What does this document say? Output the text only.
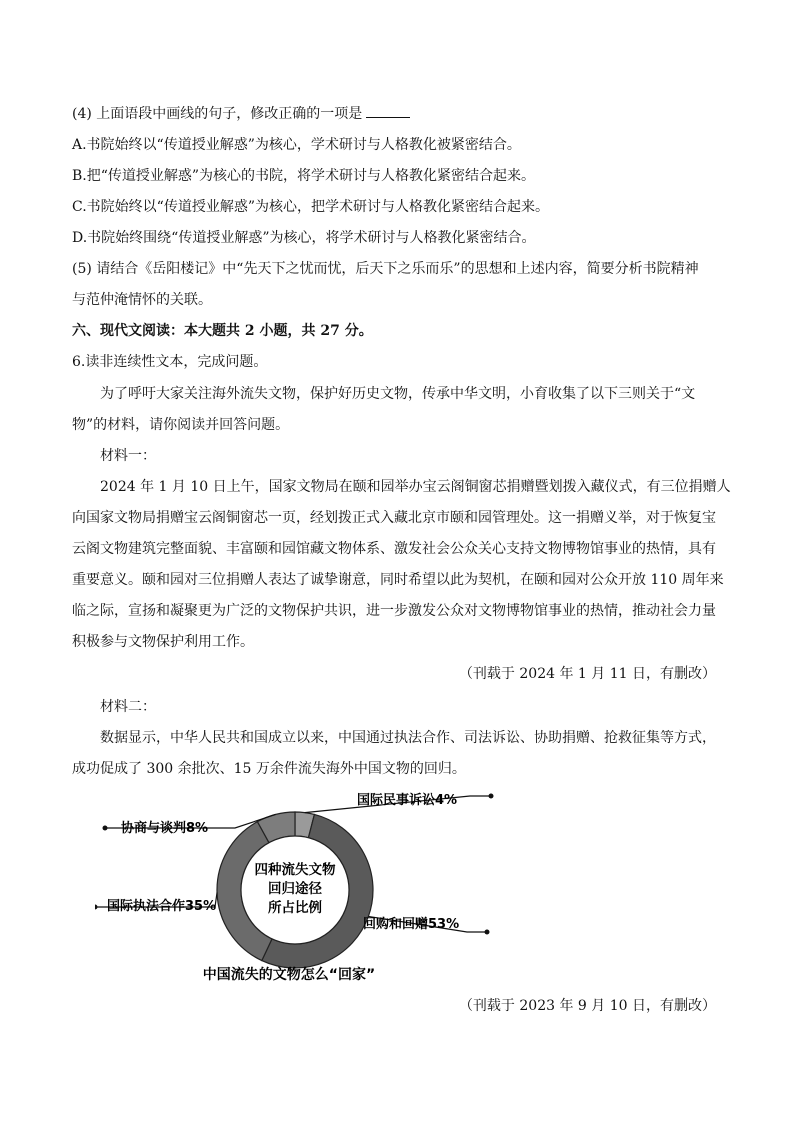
(4) 上面语段中画线的句子，修改正确的一项是
A.书院始终以“传道授业解惑”为核心，学术研讨与人格教化被紧密结合。
B.把“传道授业解惑”为核心的书院，将学术研讨与人格教化紧密结合起来。
C.书院始终以“传道授业解惑”为核心，把学术研讨与人格教化紧密结合起来。
D.书院始终围绕“传道授业解惑”为核心，将学术研讨与人格教化紧密结合。
(5) 请结合《岳阳楼记》中“先天下之忧而忧，后天下之乐而乐”的思想和上述内容，简要分析书院精神
与范仲淹情怀的关联。
六、现代文阅读：本大题共 2 小题，共 27 分。
6.读非连续性文本，完成问题。
为了呼吁大家关注海外流失文物，保护好历史文物，传承中华文明，小育收集了以下三则关于“文
物”的材料，请你阅读并回答问题。
材料一：
2024 年 1 月 10 日上午，国家文物局在颐和园举办宝云阁铜窗芯捐赠暨划拨入藏仪式，有三位捐赠人
向国家文物局捐赠宝云阁铜窗芯一页，经划拨正式入藏北京市颐和园管理处。这一捐赠义举，对于恢复宝
云阁文物建筑完整面貌、丰富颐和园馆藏文物体系、激发社会公众关心支持文物博物馆事业的热情，具有
重要意义。颐和园对三位捐赠人表达了诚挚谢意，同时希望以此为契机，在颐和园对公众开放 110 周年来
临之际，宣扬和凝聚更为广泛的文物保护共识，进一步激发公众对文物博物馆事业的热情，推动社会力量
积极参与文物保护利用工作。
（刊载于 2024 年 1 月 11 日，有删改）
材料二：
数据显示，中华人民共和国成立以来，中国通过执法合作、司法诉讼、协助捐赠、抢救征集等方式，
成功促成了 300 余批次、15 万余件流失海外中国文物的回归。
国际民事诉讼4%
回购和回赠53%
国际执法合作35%
协商与谈判8%
四种流失文物
回归途径
所占比例
中国流失的文物怎么“回家”
（刊载于 2023 年 9 月 10 日，有删改）
